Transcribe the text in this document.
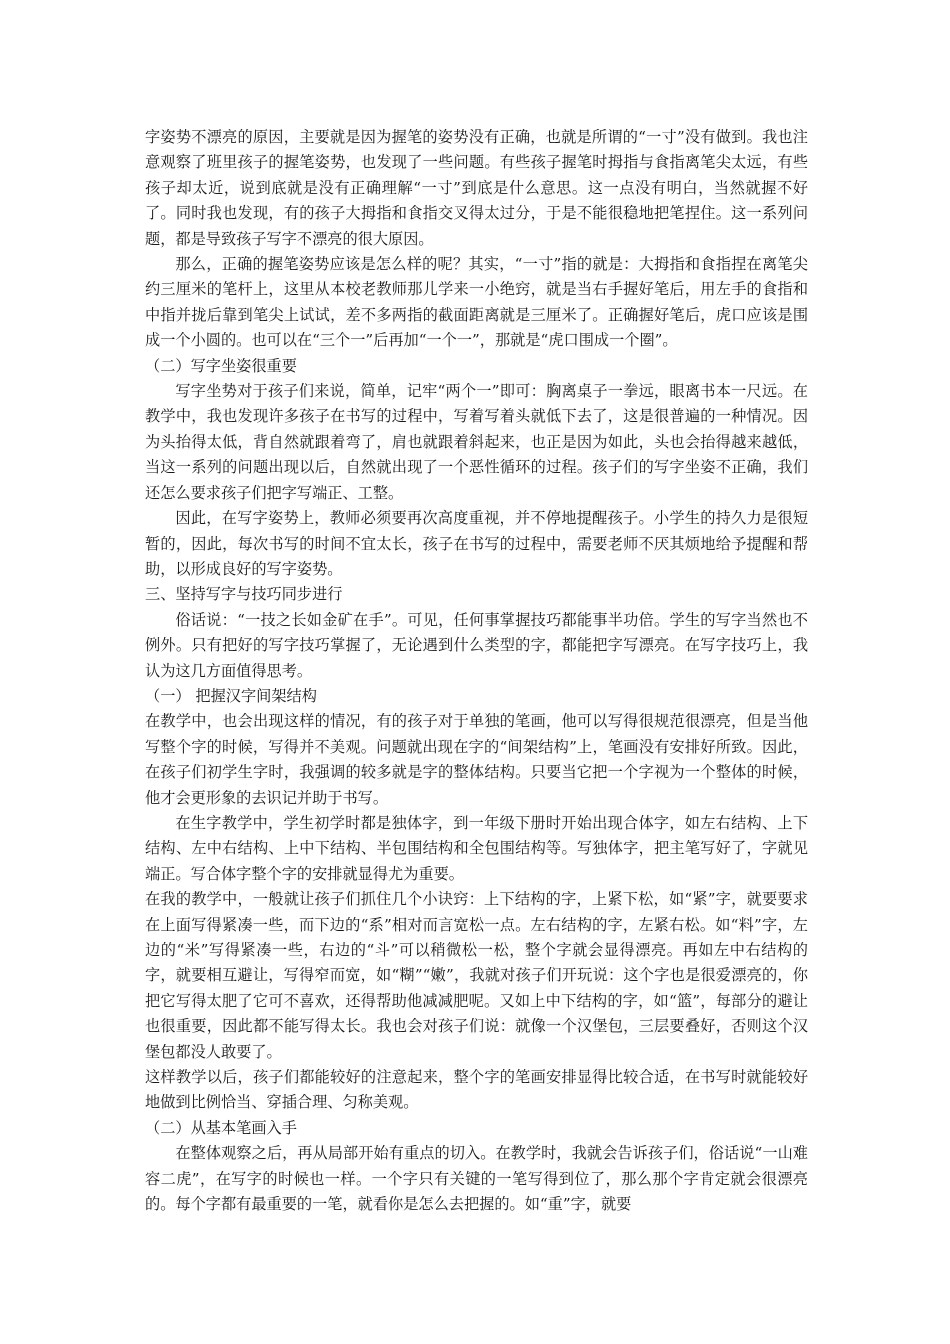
字姿势不漂亮的原因，主要就是因为握笔的姿势没有正确，也就是所谓的“一寸”没有做到。我也注意观察了班里孩子的握笔姿势，也发现了一些问题。有些孩子握笔时拇指与食指离笔尖太远，有些孩子却太近，说到底就是没有正确理解“一寸”到底是什么意思。这一点没有明白，当然就握不好了。同时我也发现，有的孩子大拇指和食指交叉得太过分，于是不能很稳地把笔捏住。这一系列问题，都是导致孩子写字不漂亮的很大原因。

那么，正确的握笔姿势应该是怎么样的呢？其实，“一寸”指的就是：大拇指和食指捏在离笔尖约三厘米的笔杆上，这里从本校老教师那儿学来一小绝窍，就是当右手握好笔后，用左手的食指和中指并拢后靠到笔尖上试试，差不多两指的截面距离就是三厘米了。正确握好笔后，虎口应该是围成一个小圆的。也可以在“三个一”后再加“一个一”，那就是“虎口围成一个圈”。

（二）写字坐姿很重要

写字坐势对于孩子们来说，简单，记牢“两个一”即可：胸离桌子一拳远，眼离书本一尺远。在教学中，我也发现许多孩子在书写的过程中，写着写着头就低下去了，这是很普遍的一种情况。因为头抬得太低，背自然就跟着弯了，肩也就跟着斜起来，也正是因为如此，头也会抬得越来越低，当这一系列的问题出现以后，自然就出现了一个恶性循环的过程。孩子们的写字坐姿不正确，我们还怎么要求孩子们把字写端正、工整。

因此，在写字姿势上，教师必须要再次高度重视，并不停地提醒孩子。小学生的持久力是很短暂的，因此，每次书写的时间不宜太长，孩子在书写的过程中，需要老师不厌其烦地给予提醒和帮助，以形成良好的写字姿势。

三、坚持写字与技巧同步进行

俗话说：“一技之长如金矿在手”。可见，任何事掌握技巧都能事半功倍。学生的写字当然也不例外。只有把好的写字技巧掌握了，无论遇到什么类型的字，都能把字写漂亮。在写字技巧上，我认为这几方面值得思考。

（一） 把握汉字间架结构

在教学中，也会出现这样的情况，有的孩子对于单独的笔画，他可以写得很规范很漂亮，但是当他写整个字的时候，写得并不美观。问题就出现在字的“间架结构”上，笔画没有安排好所致。因此，在孩子们初学生字时，我强调的较多就是字的整体结构。只要当它把一个字视为一个整体的时候，他才会更形象的去识记并助于书写。

在生字教学中，学生初学时都是独体字，到一年级下册时开始出现合体字，如左右结构、上下结构、左中右结构、上中下结构、半包围结构和全包围结构等。写独体字，把主笔写好了，字就见端正。写合体字整个字的安排就显得尤为重要。

在我的教学中，一般就让孩子们抓住几个小诀窍：上下结构的字，上紧下松，如“紧”字，就要要求在上面写得紧凑一些，而下边的“系”相对而言宽松一点。左右结构的字，左紧右松。如“料”字，左边的“米”写得紧凑一些，右边的“斗”可以稍微松一松，整个字就会显得漂亮。再如左中右结构的字，就要相互避让，写得窄而宽，如“糊”“嫩”，我就对孩子们开玩说：这个字也是很爱漂亮的，你把它写得太肥了它可不喜欢，还得帮助他减减肥呢。又如上中下结构的字，如“篮”，每部分的避让也很重要，因此都不能写得太长。我也会对孩子们说：就像一个汉堡包，三层要叠好，否则这个汉堡包都没人敢要了。

这样教学以后，孩子们都能较好的注意起来，整个字的笔画安排显得比较合适，在书写时就能较好地做到比例恰当、穿插合理、匀称美观。

（二）从基本笔画入手

在整体观察之后，再从局部开始有重点的切入。在教学时，我就会告诉孩子们，俗话说“一山难容二虎”，在写字的时候也一样。一个字只有关键的一笔写得到位了，那么那个字肯定就会很漂亮的。每个字都有最重要的一笔，就看你是怎么去把握的。如“重”字，就要
